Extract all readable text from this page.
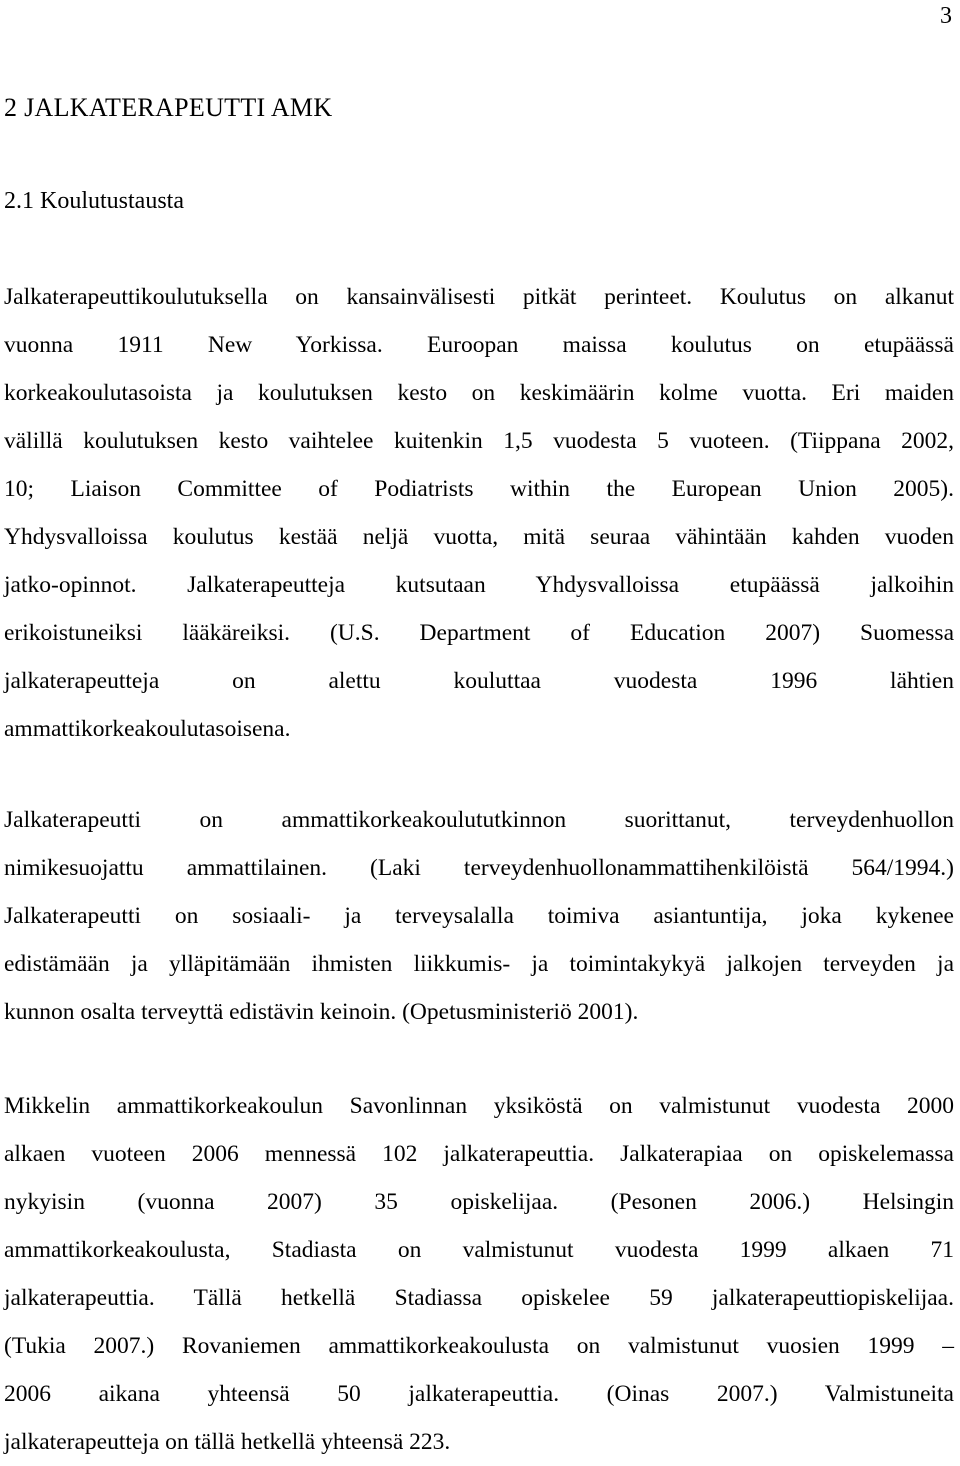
3
2 JALKATERAPEUTTI AMK
2.1 Koulutustausta
Jalkaterapeuttikoulutuksella on kansainvälisesti pitkät perinteet. Koulutus on alkanut
vuonna 1911 New Yorkissa. Euroopan maissa koulutus on etupäässä
korkeakoulutasoista ja koulutuksen kesto on keskimäärin kolme vuotta. Eri maiden
välillä koulutuksen kesto vaihtelee kuitenkin 1,5 vuodesta 5 vuoteen. (Tiippana 2002,
10; Liaison Committee of Podiatrists within the European Union 2005).
Yhdysvalloissa koulutus kestää neljä vuotta, mitä seuraa vähintään kahden vuoden
jatko-opinnot. Jalkaterapeutteja kutsutaan Yhdysvalloissa etupäässä jalkoihin
erikoistuneiksi lääkäreiksi. (U.S. Department of Education 2007) Suomessa
jalkaterapeutteja on alettu kouluttaa vuodesta 1996 lähtien
ammattikorkeakoulutasoisena.
Jalkaterapeutti on ammattikorkeakoulututkinnon suorittanut, terveydenhuollon
nimikesuojattu ammattilainen. (Laki terveydenhuollonammattihenkilöistä 564/1994.)
Jalkaterapeutti on sosiaali- ja terveysalalla toimiva asiantuntija, joka kykenee
edistämään ja ylläpitämään ihmisten liikkumis- ja toimintakykyä jalkojen terveyden ja
kunnon osalta terveyttä edistävin keinoin. (Opetusministeriö 2001).
Mikkelin ammattikorkeakoulun Savonlinnan yksiköstä on valmistunut vuodesta 2000
alkaen vuoteen 2006 mennessä 102 jalkaterapeuttia. Jalkaterapiaa on opiskelemassa
nykyisin (vuonna 2007) 35 opiskelijaa. (Pesonen 2006.) Helsingin
ammattikorkeakoulusta, Stadiasta on valmistunut vuodesta 1999 alkaen 71
jalkaterapeuttia. Tällä hetkellä Stadiassa opiskelee 59 jalkaterapeuttiopiskelijaa.
(Tukia 2007.) Rovaniemen ammattikorkeakoulusta on valmistunut vuosien 1999 –
2006 aikana yhteensä 50 jalkaterapeuttia. (Oinas 2007.) Valmistuneita
jalkaterapeutteja on tällä hetkellä yhteensä 223.
